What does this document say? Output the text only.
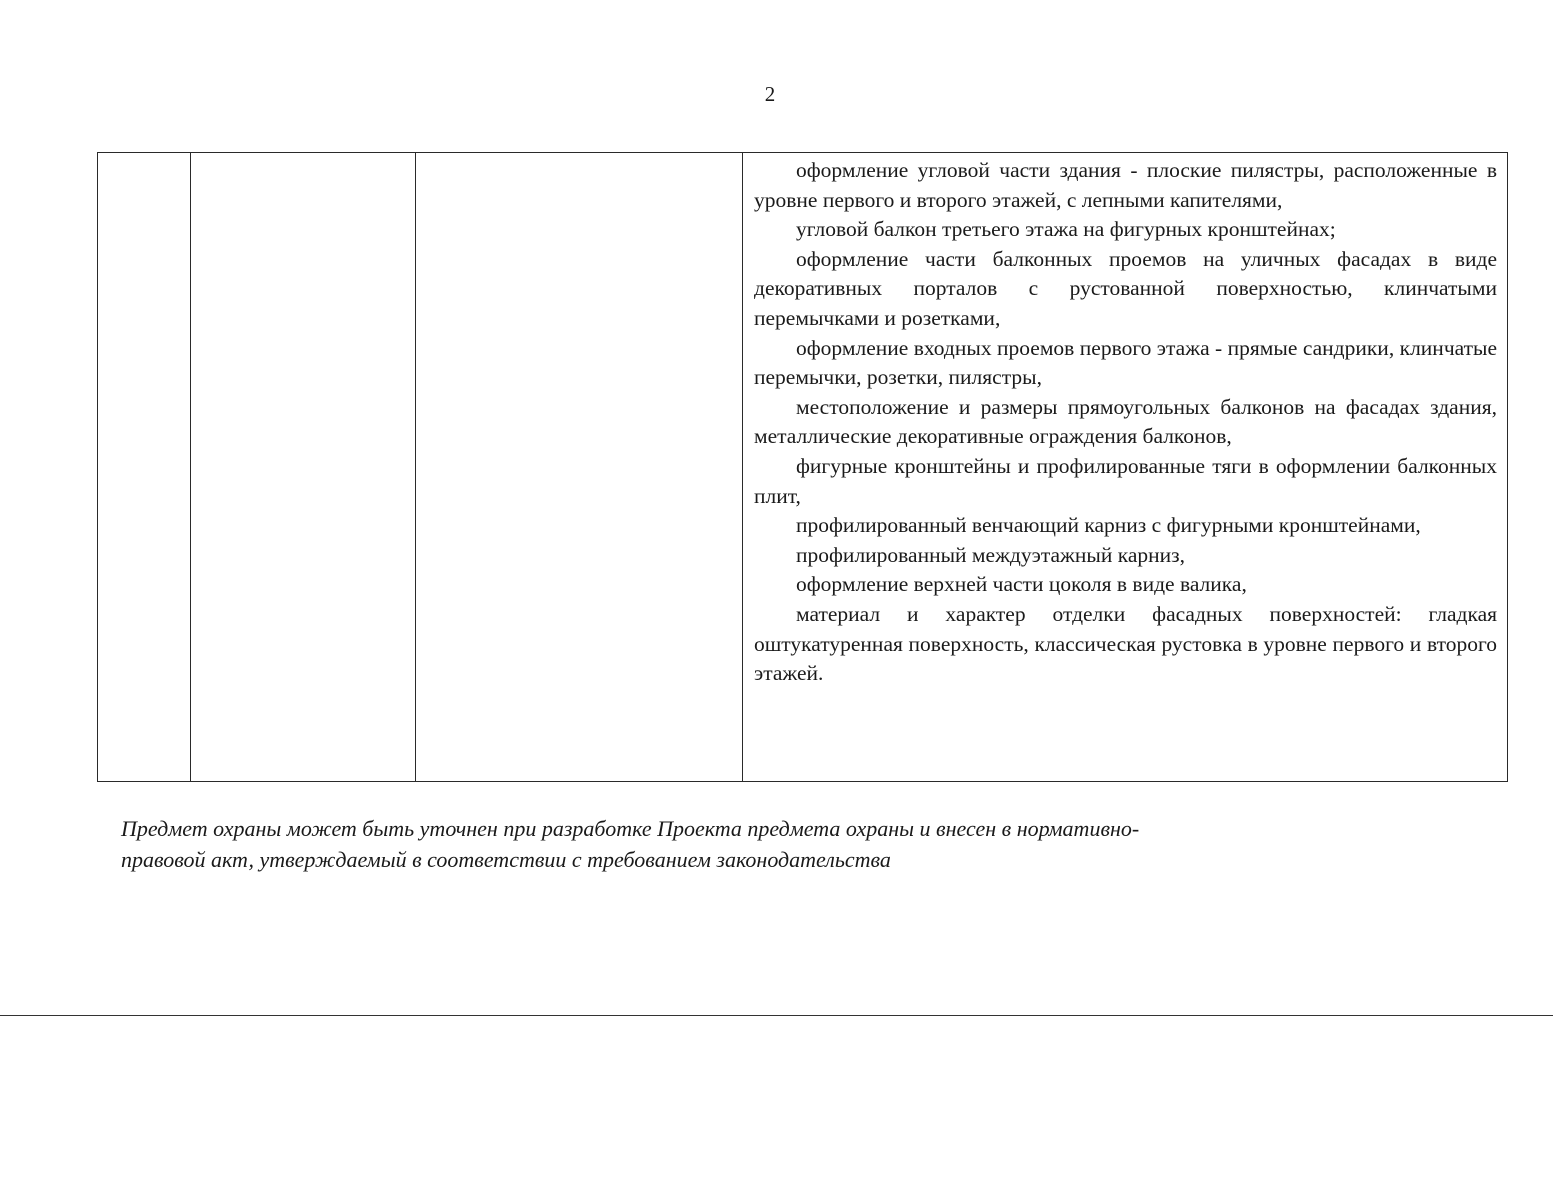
2

оформление угловой части здания - плоские пилястры, расположенные в уровне первого и второго этажей, с лепными капителями,

угловой балкон третьего этажа на фигурных кронштейнах;

оформление части балконных проемов на уличных фасадах в виде декоративных порталов с рустованной поверхностью, клинчатыми перемычками и розетками,

оформление входных проемов первого этажа - прямые сандрики, клинчатые перемычки, розетки, пилястры,

местоположение и размеры прямоугольных балконов на фасадах здания, металлические декоративные ограждения балконов,

фигурные кронштейны и профилированные тяги в оформлении балконных плит,

профилированный венчающий карниз с фигурными кронштейнами,

профилированный междуэтажный карниз,

оформление верхней части цоколя в виде валика,

материал и характер отделки фасадных поверхностей: гладкая оштукатуренная поверхность, классическая рустовка в уровне первого и второго этажей.

Предмет охраны может быть уточнен при разработке Проекта предмета охраны и внесен в нормативно-
правовой акт, утверждаемый в соответствии с требованием законодательства
